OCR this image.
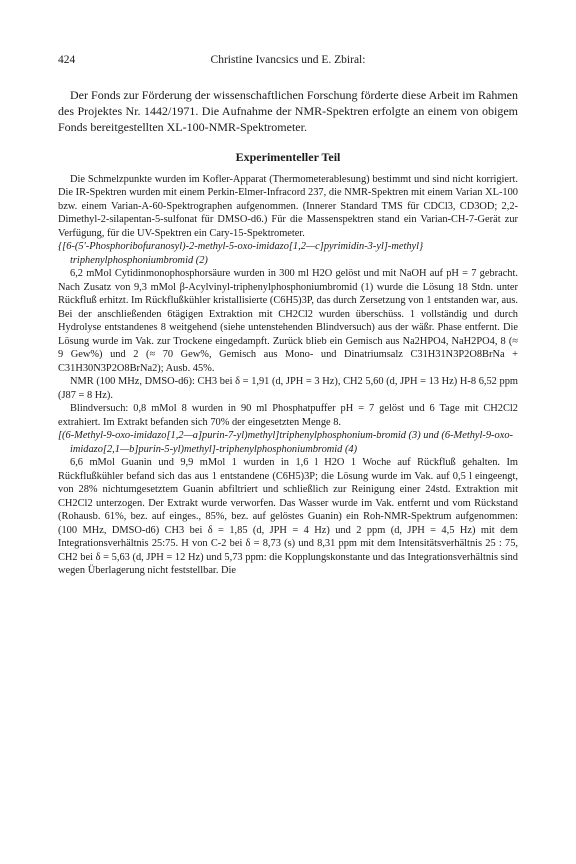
424	Christine Ivancsics und E. Zbiral:

Der Fonds zur Förderung der wissenschaftlichen Forschung förderte diese Arbeit im Rahmen des Projektes Nr. 1442/1971. Die Aufnahme der NMR-Spektren erfolgte an einem von obigem Fonds bereitgestellten XL-100-NMR-Spektrometer.

Experimenteller Teil

Die Schmelzpunkte wurden im Kofler-Apparat (Thermometerablesung) bestimmt und sind nicht korrigiert. Die IR-Spektren wurden mit einem Perkin-Elmer-Infracord 237, die NMR-Spektren mit einem Varian XL-100 bzw. einem Varian-A-60-Spektrographen aufgenommen. (Innerer Standard TMS für CDCl3, CD3OD; 2,2-Dimethyl-2-silapentan-5-sulfonat für DMSO-d6.) Für die Massenspektren stand ein Varian-CH-7-Gerät zur Verfügung, für die UV-Spektren ein Cary-15-Spektrometer.

{[6-(5'-Phosphoribofuranosyl)-2-methyl-5-oxo-imidazo[1,2—c]pyrimidin-3-yl]-methyl} triphenylphosphoniumbromid (2)

6,2 mMol Cytidinmonophosphorsäure wurden in 300 ml H2O gelöst und mit NaOH auf pH = 7 gebracht. Nach Zusatz von 9,3 mMol β-Acylvinyl-triphenylphosphoniumbromid (1) wurde die Lösung 18 Stdn. unter Rückfluß erhitzt. Im Rückflußkühler kristallisierte (C6H5)3P, das durch Zersetzung von 1 entstanden war, aus. Bei der anschließenden 6tägigen Extraktion mit CH2Cl2 wurden überschüss. 1 vollständig und durch Hydrolyse entstandenes 8 weitgehend (siehe untenstehenden Blindversuch) aus der wäßr. Phase entfernt. Die Lösung wurde im Vak. zur Trockene eingedampft. Zurück blieb ein Gemisch aus Na2HPO4, NaH2PO4, 8 (≈ 9 Gew%) und 2 (≈ 70 Gew%, Gemisch aus Mono- und Dinatriumsalz C31H31N3P2O8BrNa + C31H30N3P2O8BrNa2); Ausb. 45%.

NMR (100 MHz, DMSO-d6): CH3 bei δ = 1,91 (d, JPH = 3 Hz), CH2 5,60 (d, JPH = 13 Hz) H-8 6,52 ppm (J87 = 8 Hz).

Blindversuch: 0,8 mMol 8 wurden in 90 ml Phosphatpuffer pH = 7 gelöst und 6 Tage mit CH2Cl2 extrahiert. Im Extrakt befanden sich 70% der eingesetzten Menge 8.

[(6-Methyl-9-oxo-imidazo[1,2—a]purin-7-yl)methyl]triphenylphosphonium-bromid (3) und (6-Methyl-9-oxo-imidazo[2,1—b]purin-5-yl)methyl]-triphenylphosphoniumbromid (4)

6,6 mMol Guanin und 9,9 mMol 1 wurden in 1,6 l H2O 1 Woche auf Rückfluß gehalten. Im Rückflußkühler befand sich das aus 1 entstandene (C6H5)3P; die Lösung wurde im Vak. auf 0,5 l eingeengt, von 28% nichtumgesetztem Guanin abfiltriert und schließlich zur Reinigung einer 24std. Extraktion mit CH2Cl2 unterzogen. Der Extrakt wurde verworfen. Das Wasser wurde im Vak. entfernt und vom Rückstand (Rohausb. 61%, bez. auf einges., 85%, bez. auf gelöstes Guanin) ein Roh-NMR-Spektrum aufgenommen: (100 MHz, DMSO-d6) CH3 bei δ = 1,85 (d, JPH = 4 Hz) und 2 ppm (d, JPH = 4,5 Hz) mit dem Integrationsverhältnis 25:75. H von C-2 bei δ = 8,73 (s) und 8,31 ppm mit dem Intensitätsverhältnis 25 : 75, CH2 bei δ = 5,63 (d, JPH = 12 Hz) und 5,73 ppm: die Kopplungskonstante und das Integrationsverhältnis sind wegen Überlagerung nicht feststellbar. Die
